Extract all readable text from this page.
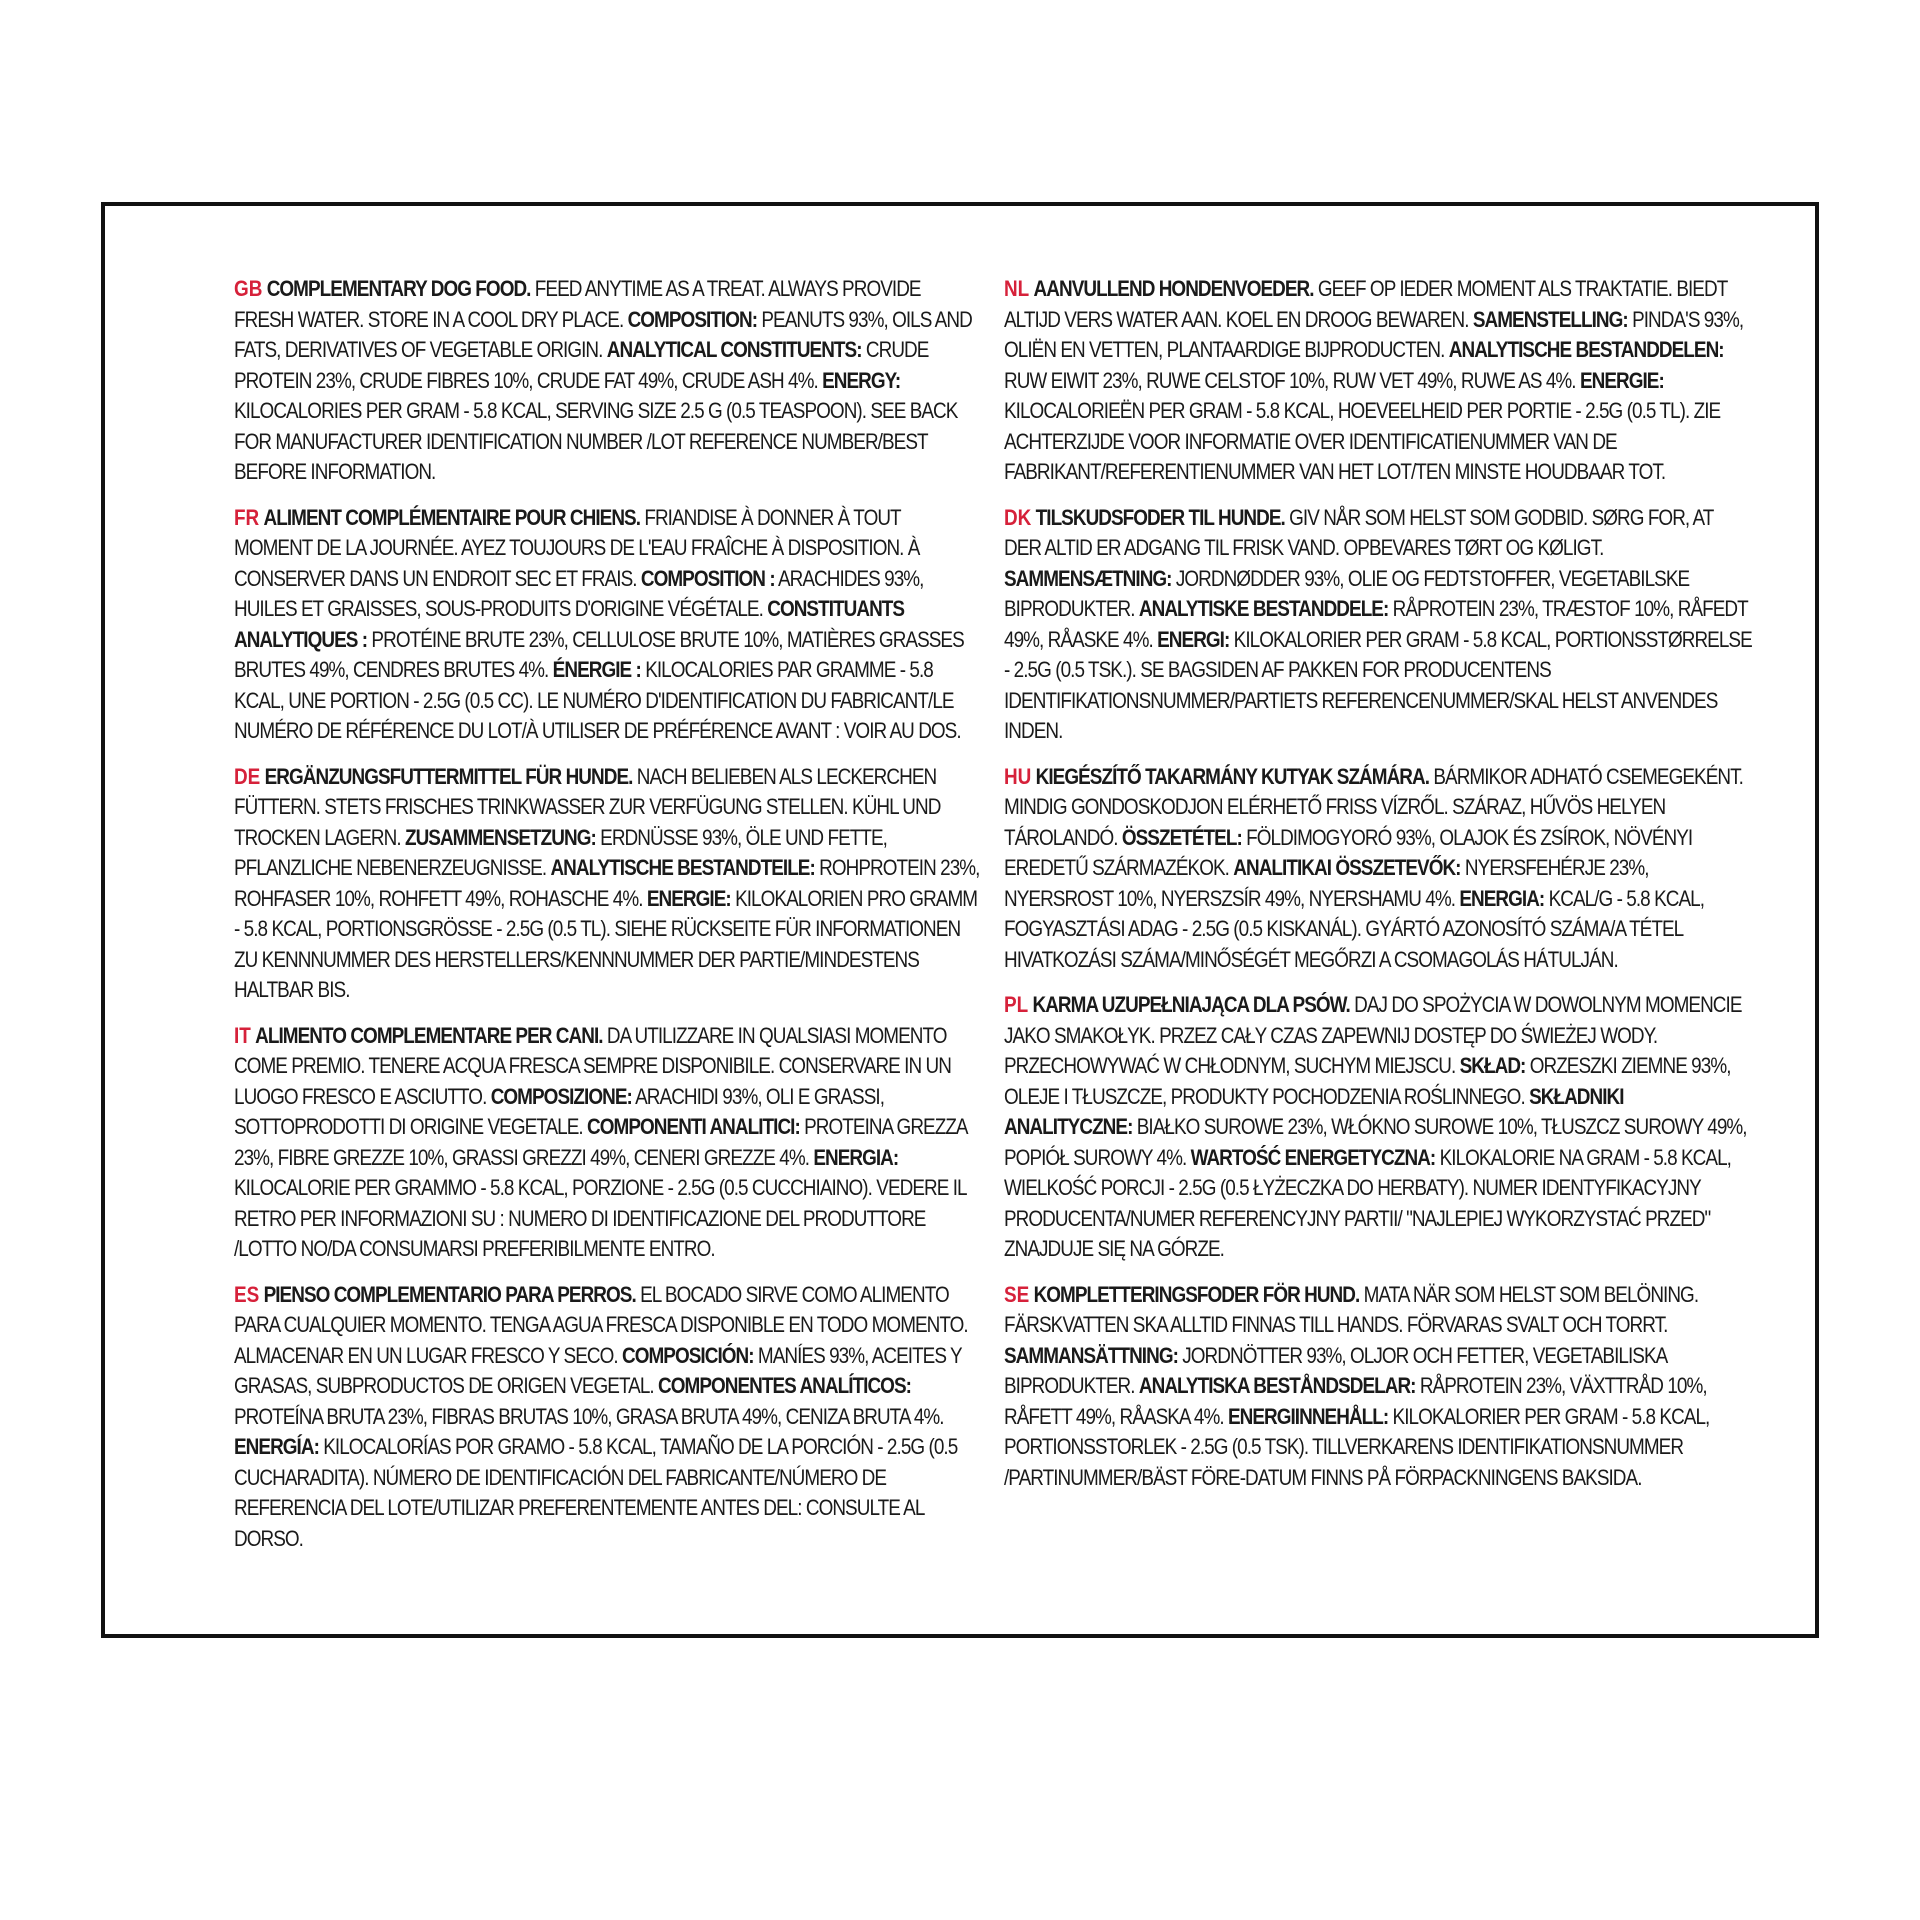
GB COMPLEMENTARY DOG FOOD. FEED ANYTIME AS A TREAT. ALWAYS PROVIDE FRESH WATER. STORE IN A COOL DRY PLACE. COMPOSITION: PEANUTS 93%, OILS AND FATS, DERIVATIVES OF VEGETABLE ORIGIN. ANALYTICAL CONSTITUENTS: CRUDE PROTEIN 23%, CRUDE FIBRES 10%, CRUDE FAT 49%, CRUDE ASH 4%. ENERGY: KILOCALORIES PER GRAM - 5.8 KCAL, SERVING SIZE 2.5 G (0.5 TEASPOON). SEE BACK FOR MANUFACTURER IDENTIFICATION NUMBER /LOT REFERENCE NUMBER/BEST BEFORE INFORMATION.

FR ALIMENT COMPLÉMENTAIRE POUR CHIENS. FRIANDISE À DONNER À TOUT MOMENT DE LA JOURNÉE. AYEZ TOUJOURS DE L'EAU FRAÎCHE À DISPOSITION. À CONSERVER DANS UN ENDROIT SEC ET FRAIS. COMPOSITION : ARACHIDES 93%, HUILES ET GRAISSES, SOUS-PRODUITS D'ORIGINE VÉGÉTALE. CONSTITUANTS ANALYTIQUES : PROTÉINE BRUTE 23%, CELLULOSE BRUTE 10%, MATIÈRES GRASSES BRUTES 49%, CENDRES BRUTES 4%. ÉNERGIE : KILOCALORIES PAR GRAMME - 5.8 KCAL, UNE PORTION - 2.5G (0.5 CC). LE NUMÉRO D'IDENTIFICATION DU FABRICANT/LE NUMÉRO DE RÉFÉRENCE DU LOT/À UTILISER DE PRÉFÉRENCE AVANT : VOIR AU DOS.

DE ERGÄNZUNGSFUTTERMITTEL FÜR HUNDE. NACH BELIEBEN ALS LECKERCHEN FÜTTERN. STETS FRISCHES TRINKWASSER ZUR VERFÜGUNG STELLEN. KÜHL UND TROCKEN LAGERN. ZUSAMMENSETZUNG: ERDNÜSSE 93%, ÖLE UND FETTE, PFLANZLICHE NEBENERZEUGNISSE. ANALYTISCHE BESTANDTEILE: ROHPROTEIN 23%, ROHFASER 10%, ROHFETT 49%, ROHASCHE 4%. ENERGIE: KILOKALORIEN PRO GRAMM - 5.8 KCAL, PORTIONSGRÖSSE - 2.5G (0.5 TL). SIEHE RÜCKSEITE FÜR INFORMATIONEN ZU KENNNUMMER DES HERSTELLERS/KENNNUMMER DER PARTIE/MINDESTENS HALTBAR BIS.

IT ALIMENTO COMPLEMENTARE PER CANI. DA UTILIZZARE IN QUALSIASI MOMENTO COME PREMIO. TENERE ACQUA FRESCA SEMPRE DISPONIBILE. CONSERVARE IN UN LUOGO FRESCO E ASCIUTTO. COMPOSIZIONE: ARACHIDI 93%, OLI E GRASSI, SOTTOPRODOTTI DI ORIGINE VEGETALE. COMPONENTI ANALITICI: PROTEINA GREZZA 23%, FIBRE GREZZE 10%, GRASSI GREZZI 49%, CENERI GREZZE 4%. ENERGIA: KILOCALORIE PER GRAMMO - 5.8 KCAL, PORZIONE - 2.5G (0.5 CUCCHIAINO). VEDERE IL RETRO PER INFORMAZIONI SU : NUMERO DI IDENTIFICAZIONE DEL PRODUTTORE /LOTTO NO/DA CONSUMARSI PREFERIBILMENTE ENTRO.

ES PIENSO COMPLEMENTARIO PARA PERROS. EL BOCADO SIRVE COMO ALIMENTO PARA CUALQUIER MOMENTO. TENGA AGUA FRESCA DISPONIBLE EN TODO MOMENTO. ALMACENAR EN UN LUGAR FRESCO Y SECO. COMPOSICIÓN: MANÍES 93%, ACEITES Y GRASAS, SUBPRODUCTOS DE ORIGEN VEGETAL. COMPONENTES ANALÍTICOS: PROTEÍNA BRUTA 23%, FIBRAS BRUTAS 10%, GRASA BRUTA 49%, CENIZA BRUTA 4%. ENERGÍA: KILOCALORÍAS POR GRAMO - 5.8 KCAL, TAMAÑO DE LA PORCIÓN - 2.5G (0.5 CUCHARADITA). NÚMERO DE IDENTIFICACIÓN DEL FABRICANTE/NÚMERO DE REFERENCIA DEL LOTE/UTILIZAR PREFERENTEMENTE ANTES DEL: CONSULTE AL DORSO.

NL AANVULLEND HONDENVOEDER. GEEF OP IEDER MOMENT ALS TRAKTATIE. BIEDT ALTIJD VERS WATER AAN. KOEL EN DROOG BEWAREN. SAMENSTELLING: PINDA'S 93%, OLIËN EN VETTEN, PLANTAARDIGE BIJPRODUCTEN. ANALYTISCHE BESTANDDELEN: RUW EIWIT 23%, RUWE CELSTOF 10%, RUW VET 49%, RUWE AS 4%. ENERGIE: KILOCALORIEËN PER GRAM - 5.8 KCAL, HOEVEELHEID PER PORTIE - 2.5G (0.5 TL). ZIE ACHTERZIJDE VOOR INFORMATIE OVER IDENTIFICATIENUMMER VAN DE FABRIKANT/REFERENTIENUMMER VAN HET LOT/TEN MINSTE HOUDBAAR TOT.

DK TILSKUDSFODER TIL HUNDE. GIV NÅR SOM HELST SOM GODBID. SØRG FOR, AT DER ALTID ER ADGANG TIL FRISK VAND. OPBEVARES TØRT OG KØLIGT. SAMMENSÆTNING: JORDNØDDER 93%, OLIE OG FEDTSTOFFER, VEGETABILSKE BIPRODUKTER. ANALYTISKE BESTANDDELE: RÅPROTEIN 23%, TRÆSTOF 10%, RÅFEDT 49%, RÅASKE 4%. ENERGI: KILOKALORIER PER GRAM - 5.8 KCAL, PORTIONSSTØRRELSE - 2.5G (0.5 TSK.). SE BAGSIDEN AF PAKKEN FOR PRODUCENTENS IDENTIFIKATIONSNUMMER/PARTIETS REFERENCENUMMER/SKAL HELST ANVENDES INDEN.

HU KIEGÉSZÍTŐ TAKARMÁNY KUTYAK SZÁMÁRA. BÁRMIKOR ADHATÓ CSEMEGEKÉNT. MINDIG GONDOSKODJON ELÉRHETŐ FRISS VÍZRŐL. SZÁRAZ, HŰVÖS HELYEN TÁROLANDÓ. ÖSSZETÉTEL: FÖLDIMOGYORÓ 93%, OLAJOK ÉS ZSÍROK, NÖVÉNYI EREDETŰ SZÁRMAZÉKOK. ANALITIKAI ÖSSZETEVŐK: NYERSFEHÉRJE 23%, NYERSROST 10%, NYERSZSÍR 49%, NYERSHAMU 4%. ENERGIA: KCAL/G - 5.8 KCAL, FOGYASZTÁSI ADAG - 2.5G (0.5 KISKANÁL). GYÁRTÓ AZONOSÍTÓ SZÁMA/A TÉTEL HIVATKOZÁSI SZÁMA/MINŐSÉGÉT MEGŐRZI A CSOMAGOLÁS HÁTULJÁN.

PL KARMA UZUPEŁNIAJĄCA DLA PSÓW. DAJ DO SPOŻYCIA W DOWOLNYM MOMENCIE JAKO SMAKOŁYK. PRZEZ CAŁY CZAS ZAPEWNIJ DOSTĘP DO ŚWIEŻEJ WODY. PRZECHOWYWAĆ W CHŁODNYM, SUCHYM MIEJSCU. SKŁAD: ORZESZKI ZIEMNE 93%, OLEJE I TŁUSZCZE, PRODUKTY POCHODZENIA ROŚLINNEGO. SKŁADNIKI ANALITYCZNE: BIAŁKO SUROWE 23%, WŁÓKNO SUROWE 10%, TŁUSZCZ SUROWY 49%, POPIÓŁ SUROWY 4%. WARTOŚĆ ENERGETYCZNA: KILOKALORIE NA GRAM - 5.8 KCAL, WIELKOŚĆ PORCJI - 2.5G (0.5 ŁYŻECZKA DO HERBATY). NUMER IDENTYFIKACYJNY PRODUCENTA/NUMER REFERENCYJNY PARTII/ "NAJLEPIEJ WYKORZYSTAĆ PRZED" ZNAJDUJE SIĘ NA GÓRZE.

SE KOMPLETTERINGSFODER FÖR HUND. MATA NÄR SOM HELST SOM BELÖNING. FÄRSKVATTEN SKA ALLTID FINNAS TILL HANDS. FÖRVARAS SVALT OCH TORRT. SAMMANSÄTTNING: JORDNÖTTER 93%, OLJOR OCH FETTER, VEGETABILISKA BIPRODUKTER. ANALYTISKA BESTÅNDSDELAR: RÅPROTEIN 23%, VÄXTTRÅD 10%, RÅFETT 49%, RÅASKA 4%. ENERGIINNEHÅLL: KILOKALORIER PER GRAM - 5.8 KCAL, PORTIONSSTORLEK - 2.5G (0.5 TSK). TILLVERKARENS IDENTIFIKATIONSNUMMER /PARTINUMMER/BÄST FÖRE-DATUM FINNS PÅ FÖRPACKNINGENS BAKSIDA.
